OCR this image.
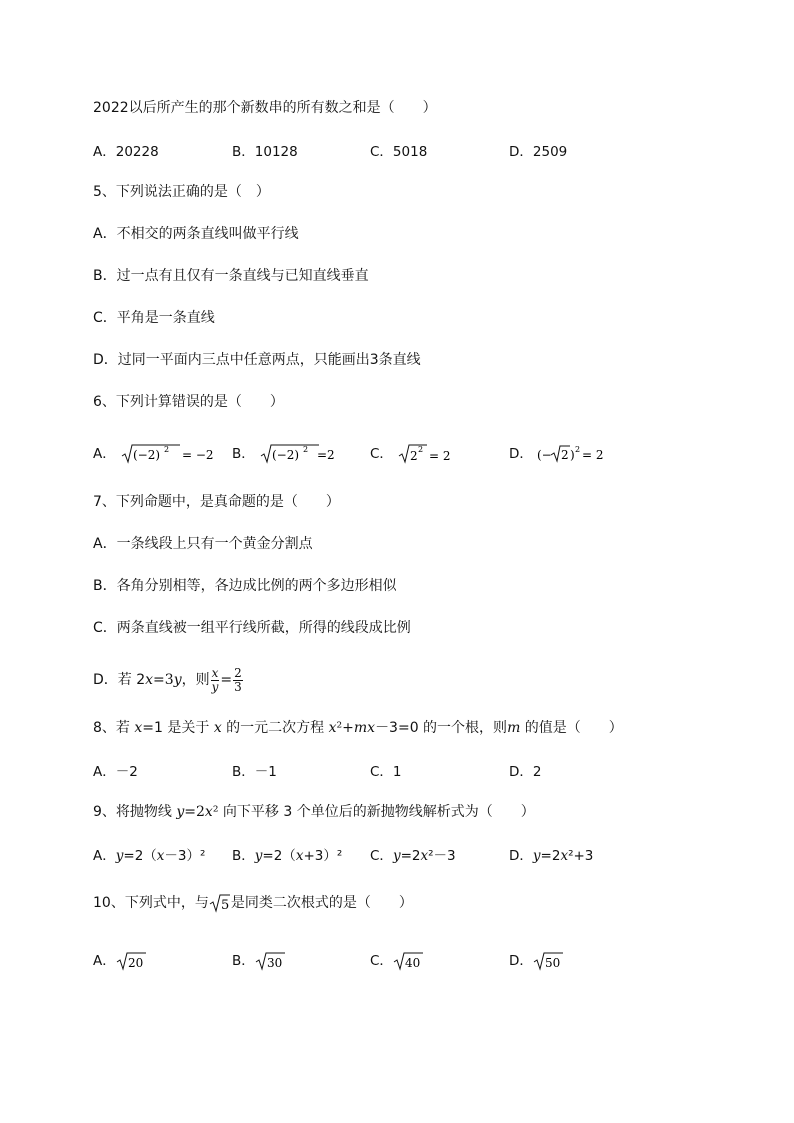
2022以后所产生的那个新数串的所有数之和是（　　）
A．20228	B．10128	C．5018	D．2509
5、下列说法正确的是（　）
A．不相交的两条直线叫做平行线
B．过一点有且仅有一条直线与已知直线垂直
C．平角是一条直线
D．过同一平面内三点中任意两点，只能画出3条直线
6、下列计算错误的是（　　）
A． (−2) 2 = −2 B． (−2) 2 =2	C． 2 2 = 2	D． (− 2 ) 2 = 2
7、下列命题中，是真命题的是（　　）
A．一条线段上只有一个黄金分割点
B．各角分别相等，各边成比例的两个多边形相似
C．两条直线被一组平行线所截，所得的线段成比例
D．若 2x=3y，则 $\frac{x}{y} = \frac{2}{3}$
8、若 x=1 是关于 x 的一元二次方程 x²+mx－3=0 的一个根，则m 的值是（　　）
A．－2	B．－1	C．1	D．2
9、将抛物线 y=2x² 向下平移 3 个单位后的新抛物线解析式为（　　）
A．y=2（x－3）² B．y=2（x+3）² C．y=2x²－3	D．y=2x²+3
10、下列式中，与 5 是同类二次根式的是（　　）
A． 20	B． 30	C． 40	D． 50
